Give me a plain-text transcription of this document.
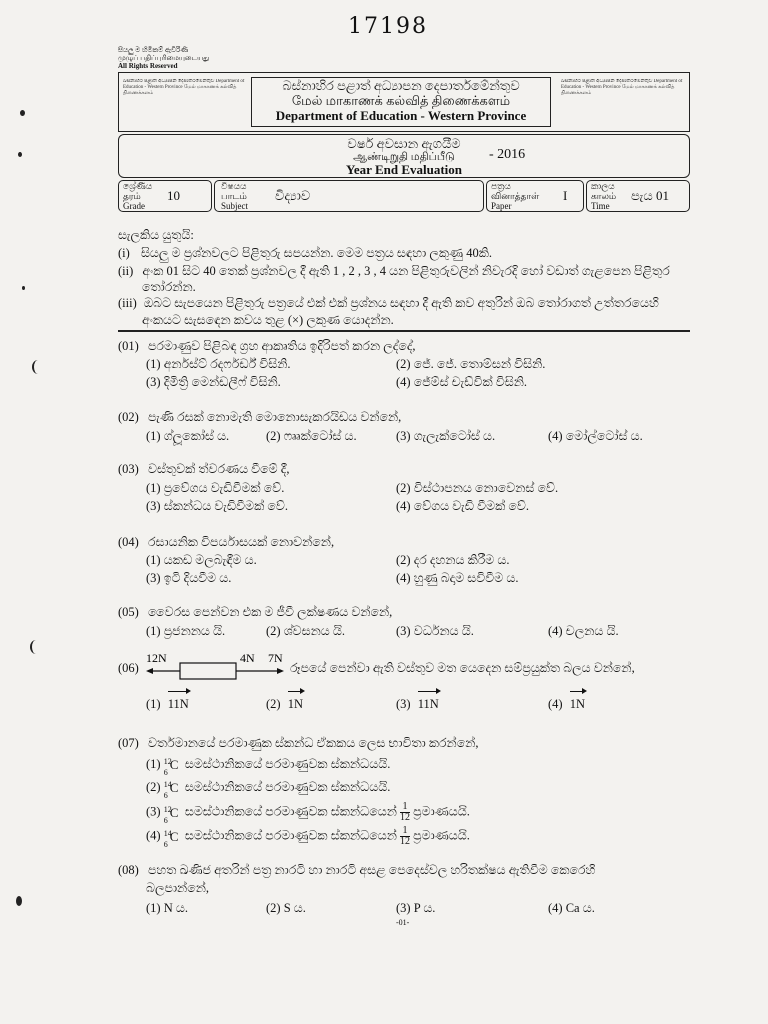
17198
සියලු ම හිමිකම් ඇවිරිණි
முழுப் பதிப்புரிமையுடையது
All Rights Reserved
බස්නාහිර පළාත් අධ්‍යාපන දෙපාර්තමේන්තුව Department of Education - Western Province மேல் மாகாணக் கல்வித் திணைக்களம்
බස්නාහිර පළාත් අධ්‍යාපන දෙපාර්තමේන්තුව Department of Education - Western Province மேல் மாகாணக் கல்வித் திணைக்களம்
බස්නාහිර පළාත් අධ්‍යාපන දෙපාර්තමේන්තුව
மேல் மாகாணக் கல்வித் திணைக்களம்
Department of Education - Western Province
වර්ෂ අවසාන ඇගයීම
ஆண்டிறுதி மதிப்பீடு
Year End Evaluation
- 2016
ශ්‍රේණිය
தரம்
Grade
10
විෂයය
பாடம்
Subject
විද්‍යාව
පත්‍රය
வினாத்தாள்
Paper
I
කාලය
காலம்
Time
පැය 01
සැලකිය යුතුයි:
(i) සියලු ම ප්‍රශ්නවලට පිළිතුරු සපයන්න. මෙම පත්‍රය සඳහා ලකුණු 40කි.
(ii) අංක 01 සිට 40 තෙක් ප්‍රශ්නවල දී ඇති 1 , 2 , 3 , 4 යන පිළිතුරුවලින් නිවැරදි හෝ වඩාත් ගැළපෙන පිළිතුර
තෝරන්න.
(iii) ඔබට සැපයෙන පිළිතුරු පත්‍රයේ එක් එක් ප්‍රශ්නය සඳහා දී ඇති කව අතුරින් ඔබ තෝරාගත් උත්තරයෙහි
අංකයට සැසඳෙන කවය තුළ (×) ලකුණ යොදන්න.
(01) පරමාණුව පිළිබඳ ග්‍රහ ආකෘතිය ඉදිරිපත් කරන ලද්දේ,
(1) අර්නස්ට් රදර්ෆර්ඩ් විසිනි.	(2) ජේ. ජේ. තොම්සන් විසිනි.
(3) දිමිත්‍රි මෙන්ඩලීෆ් විසිනි.	(4) ජේම්ස් චැඩ්වික් විසිනි.
(02) පැණි රසක් නොමැති මොනොසැකරයිඩය වන්නේ,
(1) ග්ලූකෝස් ය.	(2) ෆෲක්ටෝස් ය.	(3) ගැලැක්ටෝස් ය.	(4) මෝල්ටෝස් ය.
(03) වස්තුවක් ත්වරණය වීමේ දී,
(1) ප්‍රවේගය වැඩිවීමක් වේ.	(2) විස්ථාපනය නොවෙනස් වේ.
(3) ස්කන්ධය වැඩිවීමක් වේ.	(4) වේගය වැඩි වීමක් වේ.
(04) රසායනික විපර්යාසයක් නොවන්නේ,
(1) යකඩ මලබැඳීම ය.	(2) දර දහනය කිරීම ය.
(3) ඉටි දියවීම ය.	(4) හුණු බදාම සවිවීම ය.
(05) වෛරස පෙන්වන එක ම ජීවී ලක්ෂණය වන්නේ,
(1) ප්‍රජනනය යි.	(2) ශ්වසනය යි.	(3) වර්ධනය යි.	(4) චලනය යි.
(06)
12N	4N 7N
රූපයේ පෙන්වා ඇති වස්තුව මත යෙදෙන සම්ප්‍රයුක්ත බලය වන්නේ,
(1) 11N	(2) 1N	(3) 11N	(4) 1N
(07) වර්තමානයේ පරමාණුක ස්කන්ධ ඒකකය ලෙස භාවිතා කරන්නේ,
(1) 12
6
C සමස්ථානිකයේ පරමාණුවක ස්කන්ධයයි.
(2) 14
6
C සමස්ථානිකයේ පරමාණුවක ස්කන්ධයයි.
(3) 12
6
C සමස්ථානිකයේ පරමාණුවක ස්කන්ධයෙන් $\frac{1}{12}$ ප්‍රමාණයයි.
(4) 14
6
C සමස්ථානිකයේ පරමාණුවක ස්කන්ධයෙන් $\frac{1}{12}$ ප්‍රමාණයයි.
(08) පහත ඛණිජ අතරින් පත්‍ර නාරටි හා නාරටි අසළ පෙදෙස්වල හරිතක්ෂය ඇතිවීම කෙරෙහි
බලපාන්නේ,
(1) N ය.	(2) S ය.	(3) P ය.	(4) Ca ය.
-01-
